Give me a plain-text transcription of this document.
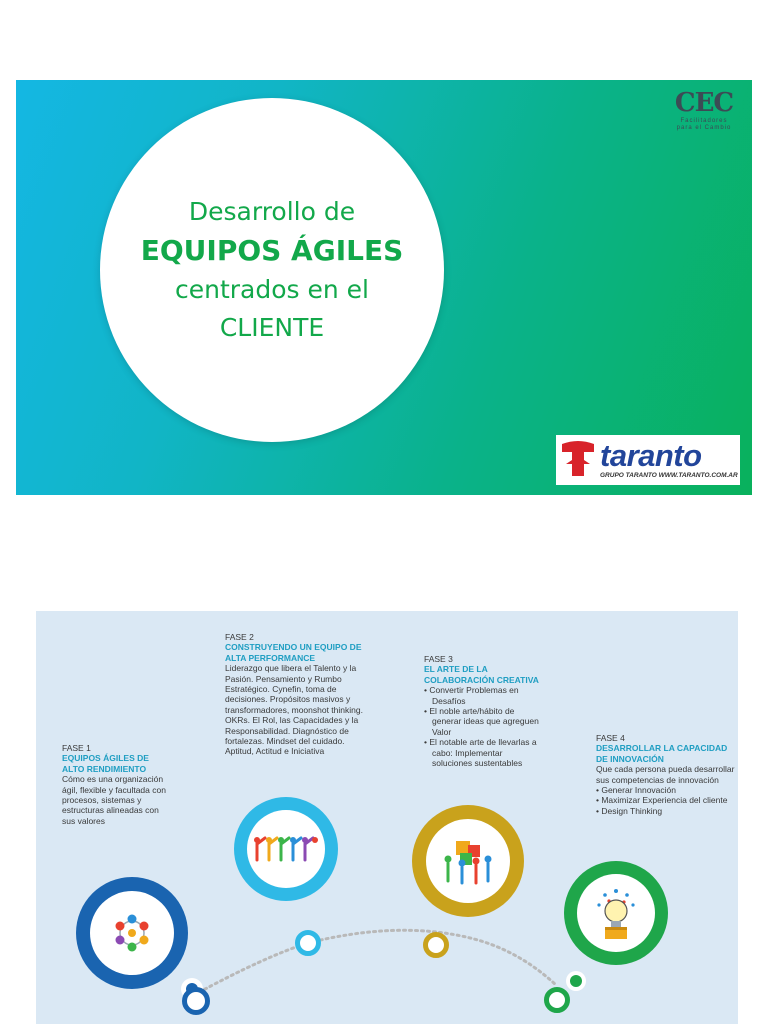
Desarrollo de
EQUIPOS ÁGILES
centrados en el
CLIENTE
CEC
Facilitadores
para el Cambio
taranto
GRUPO TARANTO WWW.TARANTO.COM.AR
FASE 1
EQUIPOS ÁGILES DE ALTO RENDIMIENTO
Cómo es una organización ágil, flexible y facultada con procesos, sistemas y estructuras alineadas con sus valores
FASE 2
CONSTRUYENDO UN EQUIPO DE ALTA PERFORMANCE
Liderazgo que libera el Talento y la Pasión. Pensamiento y Rumbo Estratégico. Cynefin, toma de decisiones. Propósitos masivos y transformadores, moonshot thinking. OKRs. El Rol, las Capacidades y la Responsabilidad. Diagnóstico de fortalezas. Mindset del cuidado. Aptitud, Actitud e Iniciativa
FASE 3
EL ARTE DE LA COLABORACIÓN CREATIVA
• Convertir Problemas en Desafíos
• El noble arte/hábito de generar ideas que agreguen Valor
• El notable arte de llevarlas a cabo: Implementar soluciones sustentables
FASE 4
DESARROLLAR LA CAPACIDAD DE INNOVACIÓN
Que cada persona pueda desarrollar sus competencias de innovación
• Generar Innovación
• Maximizar Experiencia del cliente
• Design Thinking
